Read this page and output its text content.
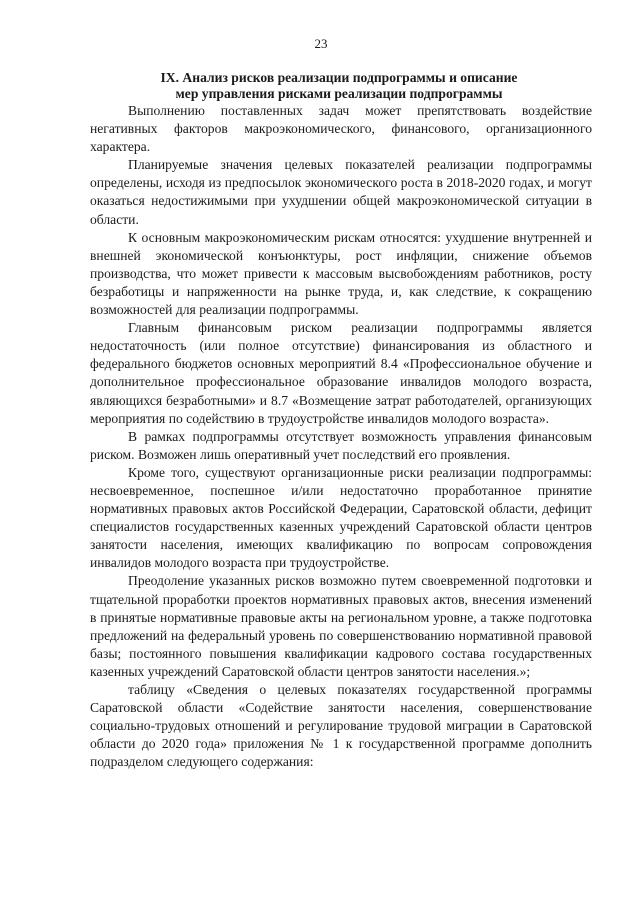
23
IX. Анализ рисков реализации подпрограммы и описание
мер управления рисками реализации подпрограммы

Выполнению поставленных задач может препятствовать воздействие негативных факторов макроэкономического, финансового, организационного характера.

Планируемые значения целевых показателей реализации подпрограммы определены, исходя из предпосылок экономического роста в 2018-2020 годах, и могут оказаться недостижимыми при ухудшении общей макроэкономической ситуации в области.

К основным макроэкономическим рискам относятся: ухудшение внутренней и внешней экономической конъюнктуры, рост инфляции, снижение объемов производства, что может привести к массовым высвобождениям работников, росту безработицы и напряженности на рынке труда, и, как следствие, к сокращению возможностей для реализации подпрограммы.

Главным финансовым риском реализации подпрограммы является недостаточность (или полное отсутствие) финансирования из областного и федерального бюджетов основных мероприятий 8.4 «Профессиональное обучение и дополнительное профессиональное образование инвалидов молодого возраста, являющихся безработными» и 8.7 «Возмещение затрат работодателей, организующих мероприятия по содействию в трудоустройстве инвалидов молодого возраста».

В рамках подпрограммы отсутствует возможность управления финансовым риском. Возможен лишь оперативный учет последствий его проявления.

Кроме того, существуют организационные риски реализации подпрограммы: несвоевременное, поспешное и/или недостаточно проработанное принятие нормативных правовых актов Российской Федерации, Саратовской области, дефицит специалистов государственных казенных учреждений Саратовской области центров занятости населения, имеющих квалификацию по вопросам сопровождения инвалидов молодого возраста при трудоустройстве.

Преодоление указанных рисков возможно путем своевременной подготовки и тщательной проработки проектов нормативных правовых актов, внесения изменений в принятые нормативные правовые акты на региональном уровне, а также подготовка предложений на федеральный уровень по совершенствованию нормативной правовой базы; постоянного повышения квалификации кадрового состава государственных казенных учреждений Саратовской области центров занятости населения.»;

таблицу «Сведения о целевых показателях государственной программы Саратовской области «Содействие занятости населения, совершенствование социально-трудовых отношений и регулирование трудовой миграции в Саратовской области до 2020 года» приложения № 1 к государственной программе дополнить подразделом следующего содержания:
